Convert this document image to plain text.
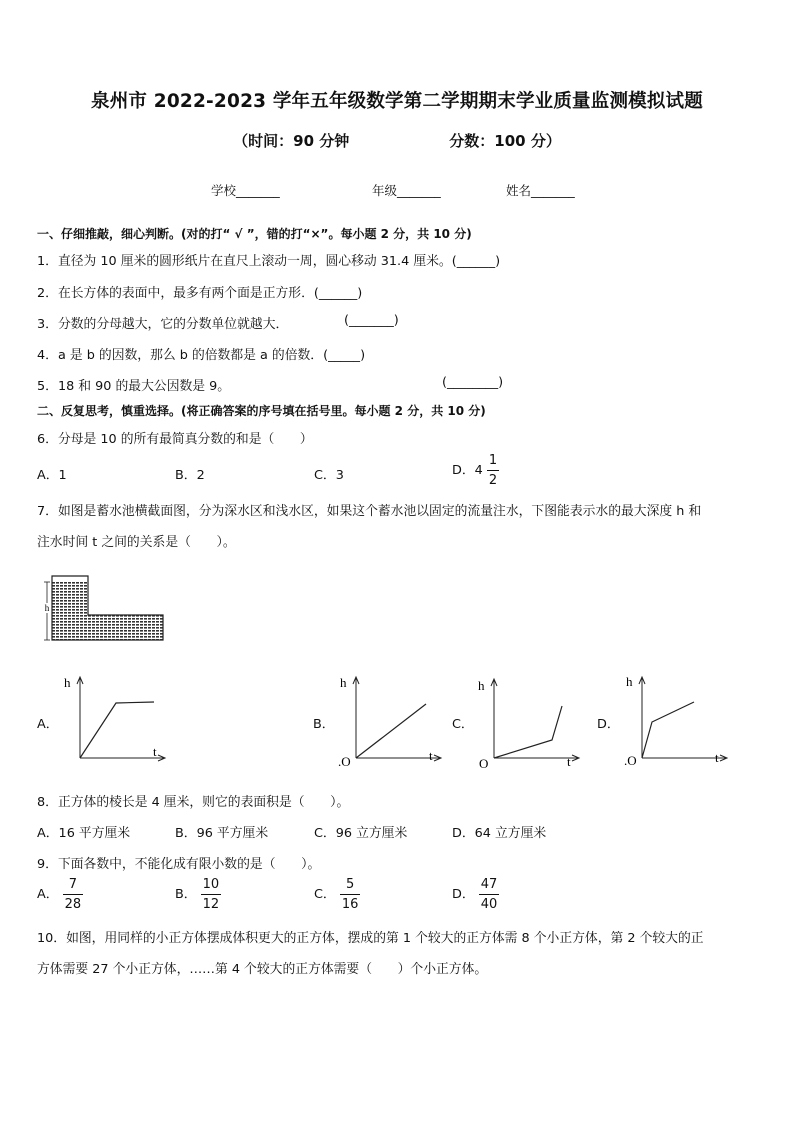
泉州市 2022-2023 学年五年级数学第二学期期末学业质量监测模拟试题
（时间：90 分钟	分数：100 分）
学校_______	年级_______	姓名_______
一、仔细推敲，细心判断。(对的打“ √ ”，错的打“×”。每小题 2 分，共 10 分)
1．直径为 10 厘米的圆形纸片在直尺上滚动一周，圆心移动 31.4 厘米。(______)
2．在长方体的表面中，最多有两个面是正方形．(______)
3．分数的分母越大，它的分数单位就越大．	(_______)
4．a 是 b 的因数，那么 b 的倍数都是 a 的倍数．(_____)
5．18 和 90 的最大公因数是 9。	(________)
二、反复思考，慎重选择。(将正确答案的序号填在括号里。每小题 2 分，共 10 分)
6．分母是 10 的所有最简真分数的和是（　　）
A．1	B．2	C．3	D．$4 \frac{1}{2}$
7．如图是蓄水池横截面图，分为深水区和浅水区，如果这个蓄水池以固定的流量注水，下图能表示水的最大深度 h 和
注水时间 t 之间的关系是（　　）。
h
A．
h
t
B．
h
t
.O
C．
h
t
O
D．
h
t
.O
8．正方体的棱长是 4 厘米，则它的表面积是（　　）。
A．16 平方厘米	B．96 平方厘米	C．96 立方厘米	D．64 立方厘米
9．下面各数中，不能化成有限小数的是（　　）。
A． $\frac{7}{28}$	B． $\frac{10}{12}$	C． $\frac{5}{16}$	D． $\frac{47}{40}$
10．如图，用同样的小正方体摆成体积更大的正方体，摆成的第 1 个较大的正方体需 8 个小正方体，第 2 个较大的正
方体需要 27 个小正方体，……第 4 个较大的正方体需要（　　）个小正方体。
